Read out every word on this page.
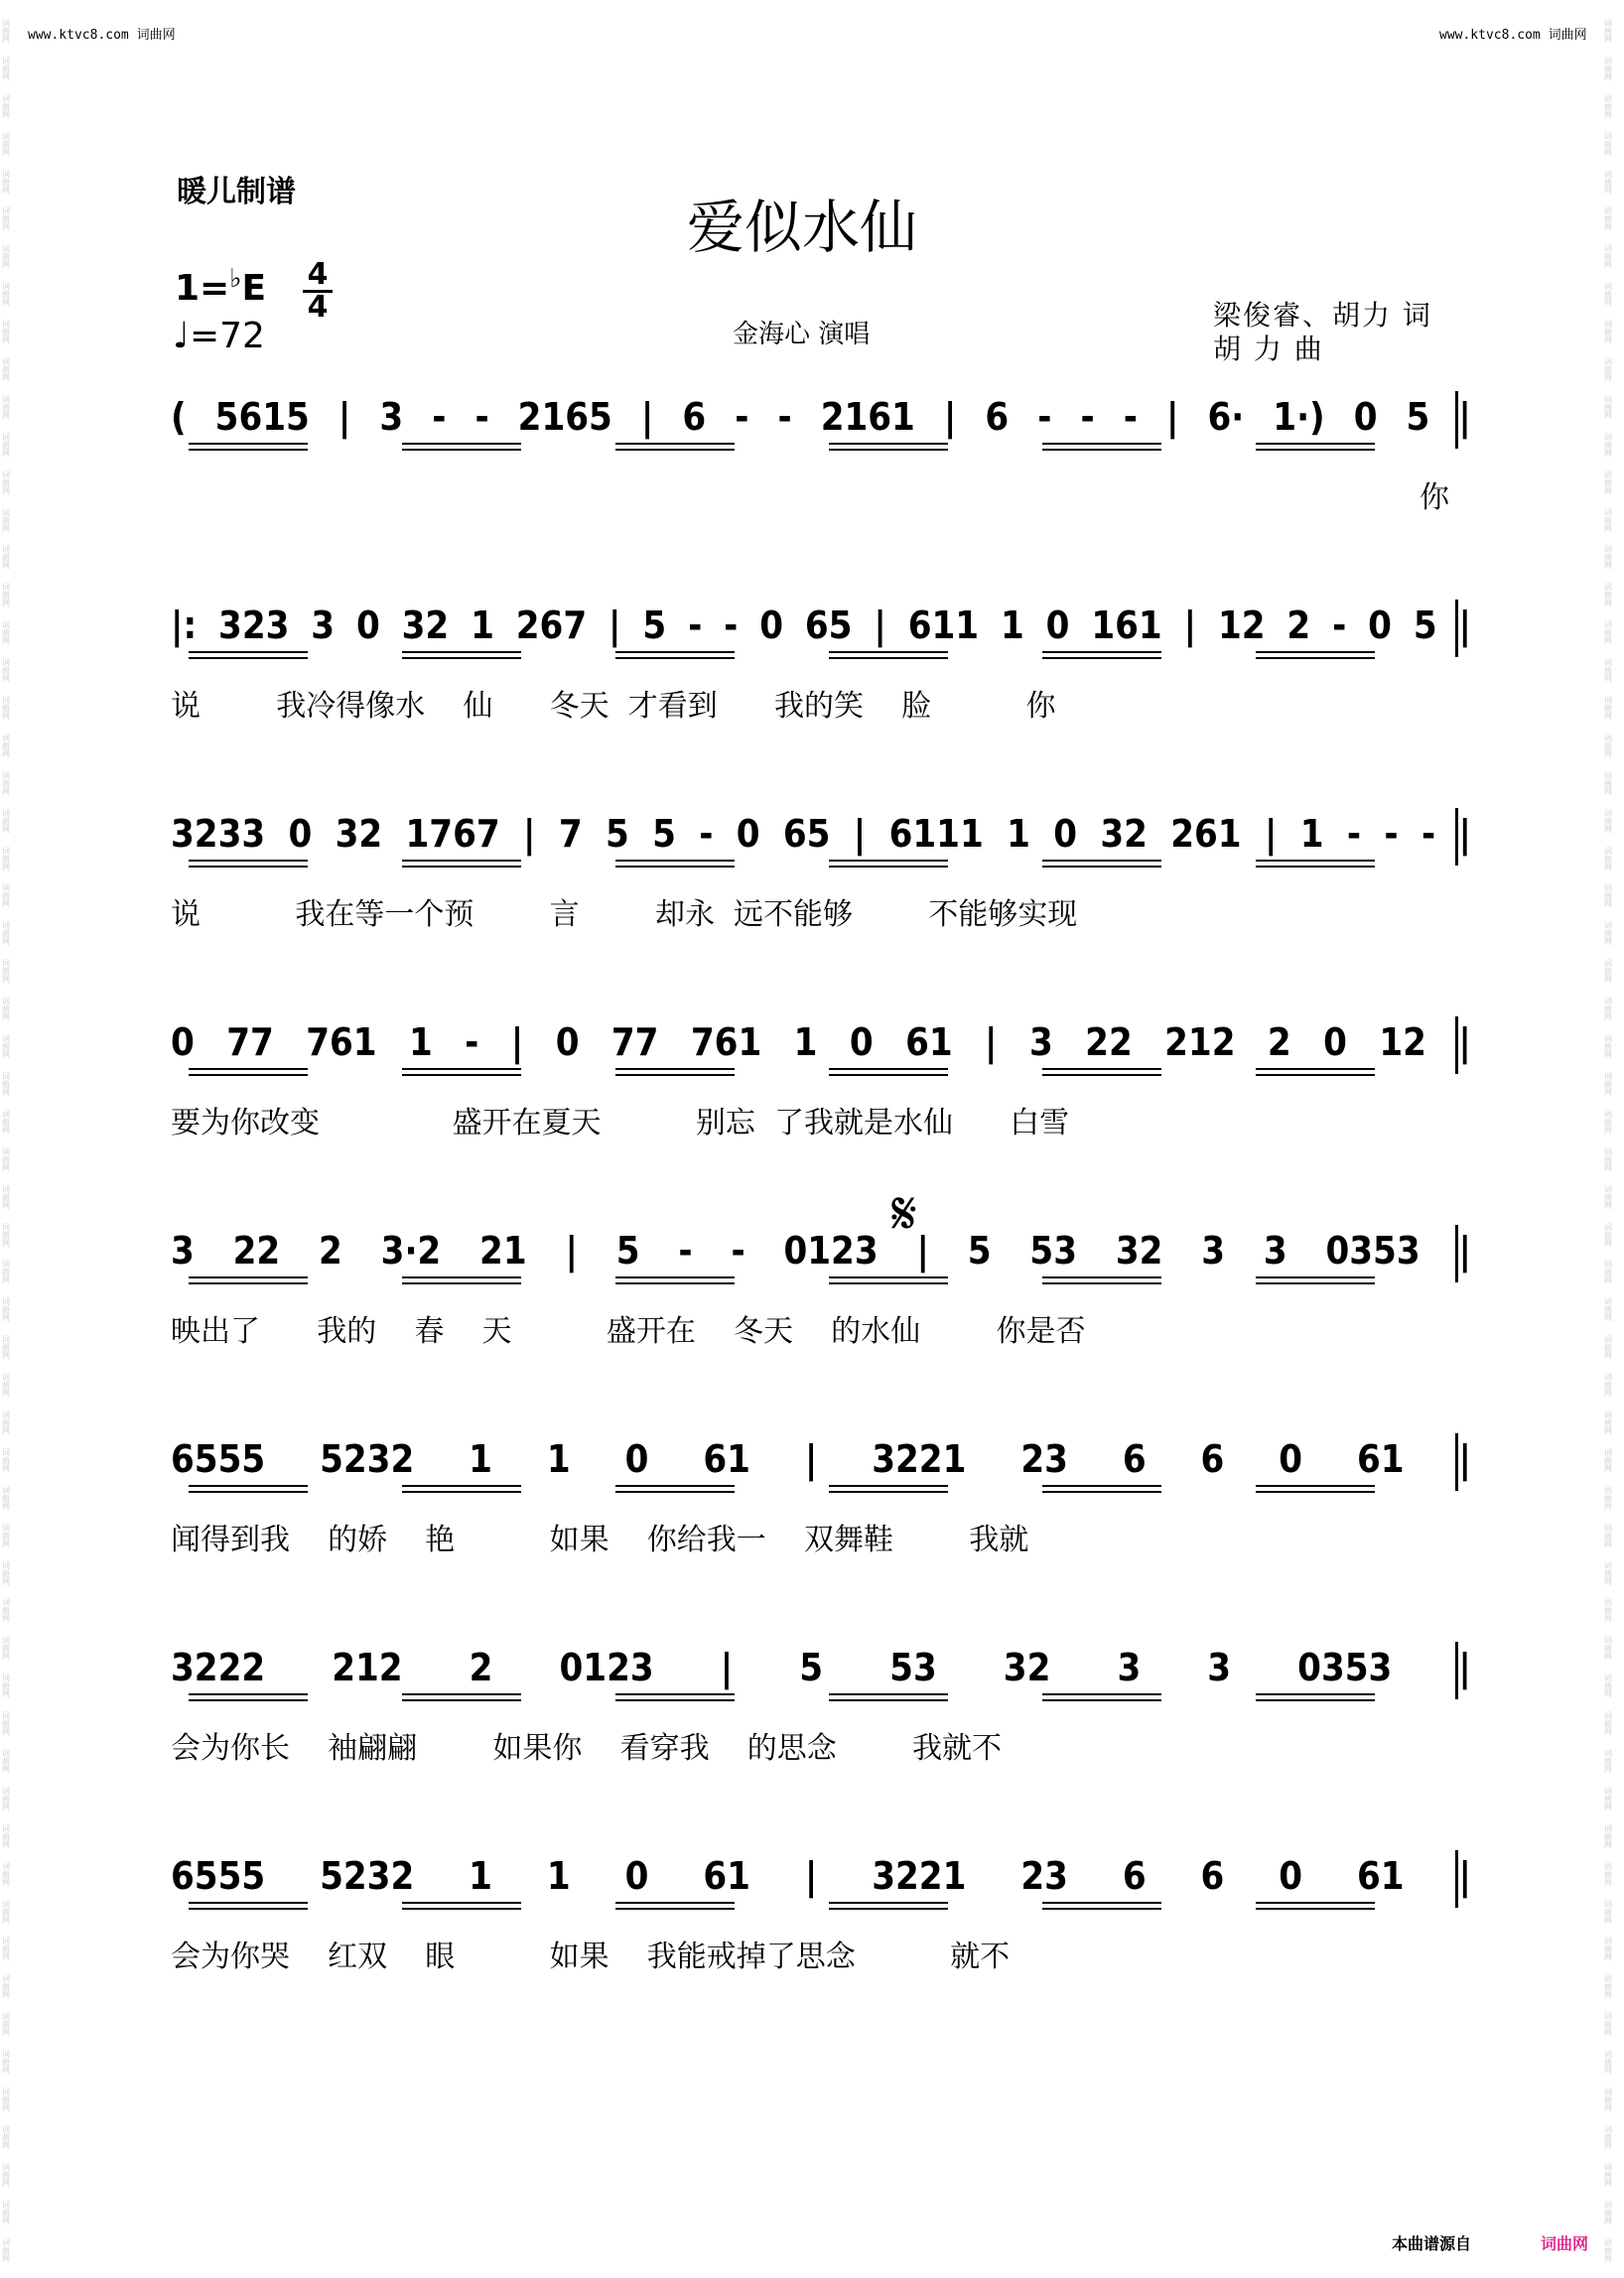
www.ktvc8.com 词曲网	www.ktvc8.com 词曲网
词曲网
词曲网
词曲网
词曲网
词曲网
词曲网
词曲网
词曲网
词曲网
词曲网
词曲网
词曲网
词曲网
词曲网
词曲网
词曲网
词曲网
词曲网
词曲网
词曲网
词曲网
词曲网
词曲网
词曲网
词曲网
词曲网
词曲网
词曲网
词曲网
词曲网
词曲网
词曲网
词曲网
词曲网
词曲网
词曲网
词曲网
词曲网
词曲网
词曲网
词曲网
词曲网
词曲网
词曲网
词曲网
词曲网
词曲网
词曲网
词曲网
词曲网
词曲网
词曲网
词曲网
词曲网
词曲网
词曲网
词曲网
词曲网
词曲网
词曲网
词曲网
词曲网
词曲网
词曲网
词曲网
词曲网
词曲网
词曲网
词曲网
词曲网
词曲网
词曲网
词曲网
词曲网
词曲网
词曲网
词曲网
词曲网
词曲网
词曲网
词曲网
词曲网
词曲网
词曲网
词曲网
词曲网
词曲网
词曲网
词曲网
词曲网
词曲网
词曲网
词曲网
词曲网
词曲网
词曲网
词曲网
词曲网
词曲网
词曲网
词曲网
词曲网
词曲网
词曲网
词曲网
词曲网
词曲网
词曲网
词曲网
词曲网
词曲网
词曲网
词曲网
词曲网
词曲网
词曲网
词曲网
词曲网
词曲网
词曲网
暖儿制谱
爱似水仙
1=♭E 4
4
♩=72	金海心 演唱
梁俊睿、胡力 词
胡 力 曲
𝄋
( 5615 | 3 - - 2165 | 6 - - 2161 | 6 - - - | 6· 1·) 0 5 |
你
|: 323 3 0 32 1 267 | 5 - - 0 65 | 611 1 0 161 | 12 2 - 0 5 |
说        我冷得像水    仙      冬天  才看到      我的笑    脸          你
3233 0 32 1767 | 7 5 5 - 0 65 | 6111 1 0 32 261 | 1 - - - |
说          我在等一个预        言        却永  远不能够        不能够实现
0 77 761 1 - | 0 77 761 1 0 61 | 3 22 212 2 0 12 |
要为你改变              盛开在夏天          别忘  了我就是水仙      白雪
3 22 2 3·2 21 | 5 - - 0123 | 5 53 32 3 3 0353 |
映出了      我的    春    天          盛开在    冬天    的水仙        你是否
6555 5232 1 1 0 61 | 3221 23 6 6 0 61 |
闻得到我    的娇    艳          如果    你给我一    双舞鞋        我就
3222 212 2 0123 | 5 53 32 3 3 0353 |
会为你长    袖翩翩        如果你    看穿我    的思念        我就不
6555 5232 1 1 0 61 | 3221 23 6 6 0 61 |
会为你哭    红双    眼          如果    我能戒掉了思念          就不
本曲谱源自	词曲网
